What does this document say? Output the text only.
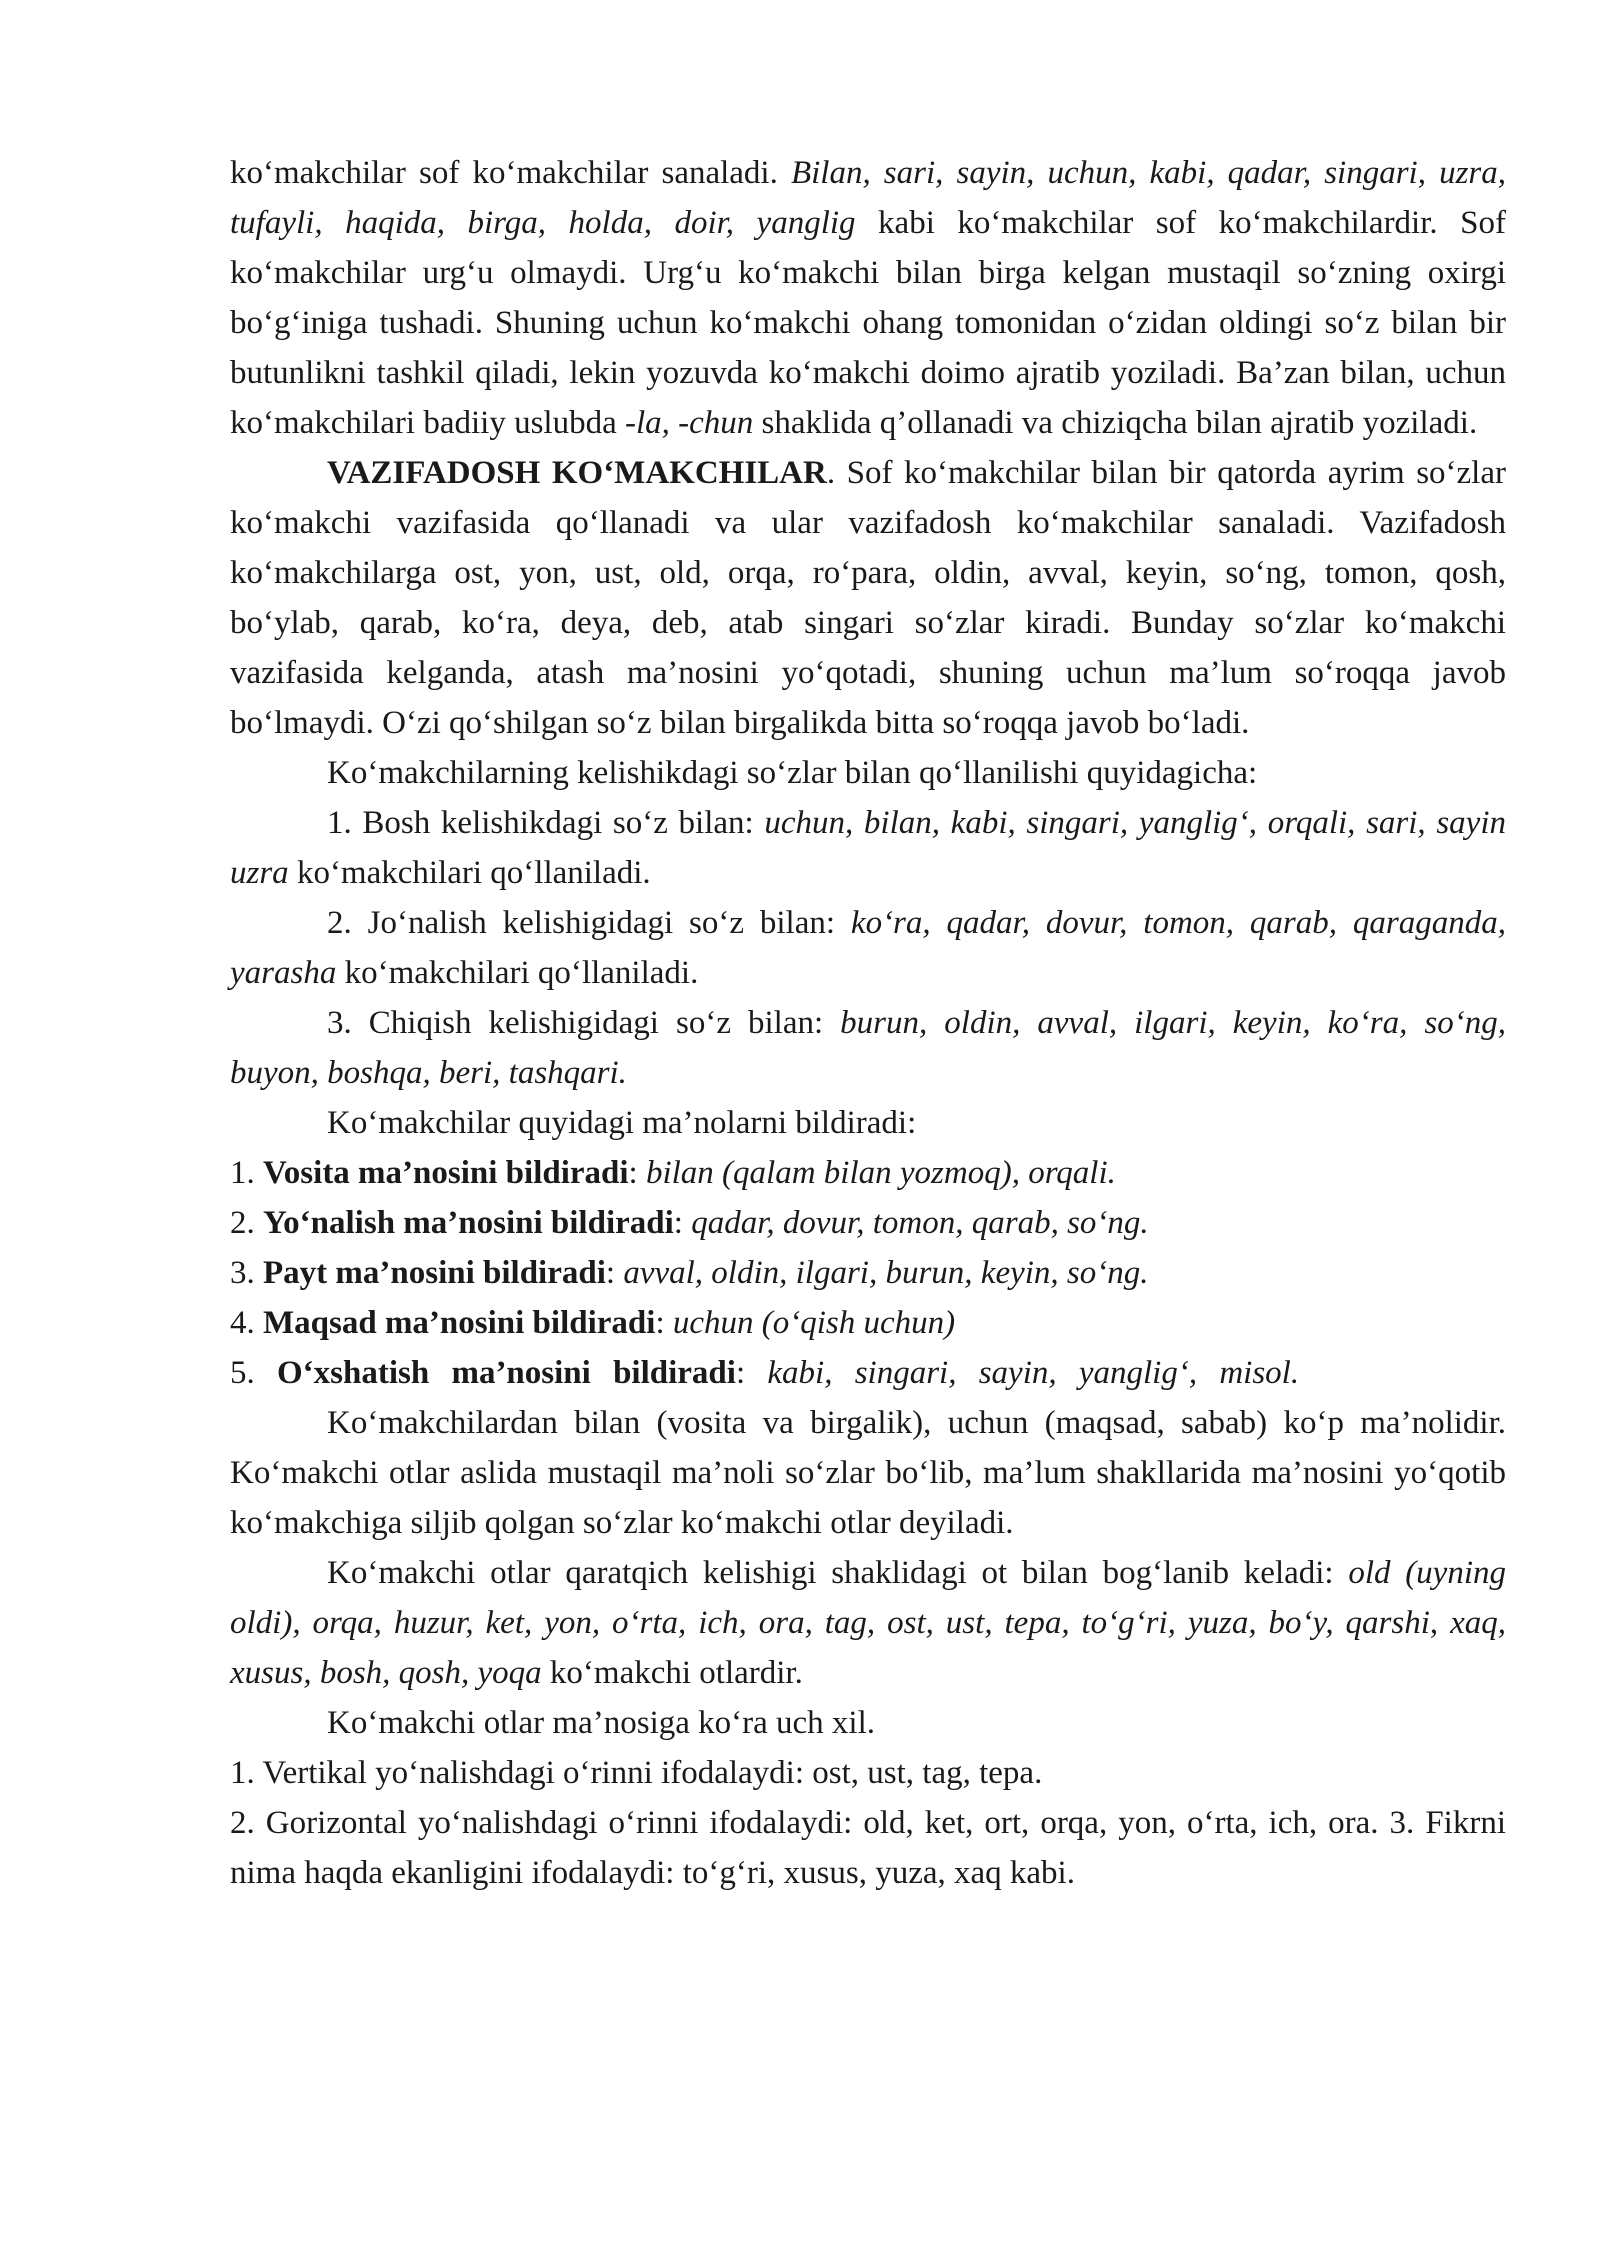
ko‘makchilar sof ko‘makchilar sanaladi. Bilan, sari, sayin, uchun, kabi, qadar, singari, uzra, tufayli, haqida, birga, holda, doir, yanglig kabi ko‘makchilar sof ko‘makchilardir. Sof ko‘makchilar urg‘u olmaydi. Urg‘u ko‘makchi bilan birga kelgan mustaqil so‘zning oxirgi bo‘g‘iniga tushadi. Shuning uchun ko‘makchi ohang tomonidan o‘zidan oldingi so‘z bilan bir butunlikni tashkil qiladi, lekin yozuvda ko‘makchi doimo ajratib yoziladi. Ba’zan bilan, uchun ko‘makchilari badiiy uslubda -la, -chun shaklida q’ollanadi va chiziqcha bilan ajratib yoziladi.

VAZIFADOSH KO‘MAKCHILAR. Sof ko‘makchilar bilan bir qatorda ayrim so‘zlar ko‘makchi vazifasida qo‘llanadi va ular vazifadosh ko‘makchilar sanaladi. Vazifadosh ko‘makchilarga ost, yon, ust, old, orqa, ro‘para, oldin, avval, keyin, so‘ng, tomon, qosh, bo‘ylab, qarab, ko‘ra, deya, deb, atab singari so‘zlar kiradi. Bunday so‘zlar ko‘makchi vazifasida kelganda, atash ma’nosini yo‘qotadi, shuning uchun ma’lum so‘roqqa javob bo‘lmaydi. O‘zi qo‘shilgan so‘z bilan birgalikda bitta so‘roqqa javob bo‘ladi.

Ko‘makchilarning kelishikdagi so‘zlar bilan qo‘llanilishi quyidagicha:

1. Bosh kelishikdagi so‘z bilan: uchun, bilan, kabi, singari, yanglig‘, orqali, sari, sayin uzra ko‘makchilari qo‘llaniladi.

2. Jo‘nalish kelishigidagi so‘z bilan: ko‘ra, qadar, dovur, tomon, qarab, qaraganda, yarasha ko‘makchilari qo‘llaniladi.

3. Chiqish kelishigidagi so‘z bilan: burun, oldin, avval, ilgari, keyin, ko‘ra, so‘ng, buyon, boshqa, beri, tashqari.

Ko‘makchilar quyidagi ma’nolarni bildiradi:

1. Vosita ma’nosini bildiradi: bilan (qalam bilan yozmoq), orqali.

2. Yo‘nalish ma’nosini bildiradi: qadar, dovur, tomon, qarab, so‘ng.

3. Payt ma’nosini bildiradi: avval, oldin, ilgari, burun, keyin, so‘ng.

4. Maqsad ma’nosini bildiradi: uchun (o‘qish uchun)

5. O‘xshatish ma’nosini bildiradi: kabi, singari, sayin, yanglig‘, misol.

Ko‘makchilardan bilan (vosita va birgalik), uchun (maqsad, sabab) ko‘p ma’nolidir. Ko‘makchi otlar aslida mustaqil ma’noli so‘zlar bo‘lib, ma’lum shakllarida ma’nosini yo‘qotib ko‘makchiga siljib qolgan so‘zlar ko‘makchi otlar deyiladi.

Ko‘makchi otlar qaratqich kelishigi shaklidagi ot bilan bog‘lanib keladi: old (uyning oldi), orqa, huzur, ket, yon, o‘rta, ich, ora, tag, ost, ust, tepa, to‘g‘ri, yuza, bo‘y, qarshi, xaq, xusus, bosh, qosh, yoqa ko‘makchi otlardir.

Ko‘makchi otlar ma’nosiga ko‘ra uch xil.

1. Vertikal yo‘nalishdagi o‘rinni ifodalaydi: ost, ust, tag, tepa.

2. Gorizontal yo‘nalishdagi o‘rinni ifodalaydi: old, ket, ort, orqa, yon, o‘rta, ich, ora. 3. Fikrni nima haqda ekanligini ifodalaydi: to‘g‘ri, xusus, yuza, xaq kabi.
